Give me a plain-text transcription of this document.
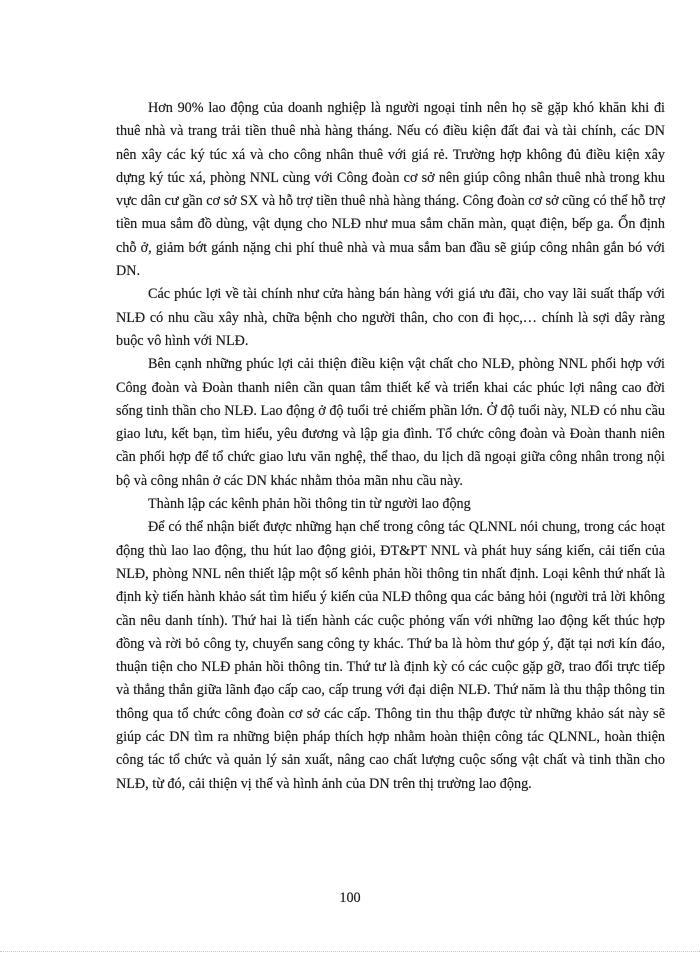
Hơn 90% lao động của doanh nghiệp là người ngoại tỉnh nên họ sẽ gặp khó khăn khi đi thuê nhà và trang trải tiền thuê nhà hàng tháng. Nếu có điều kiện đất đai và tài chính, các DN nên xây các ký túc xá và cho công nhân thuê với giá rẻ. Trường hợp không đủ điều kiện xây dựng ký túc xá, phòng NNL cùng với Công đoàn cơ sở nên giúp công nhân thuê nhà trong khu vực dân cư gần cơ sở SX và hỗ trợ tiền thuê nhà hàng tháng. Công đoàn cơ sở cũng có thể hỗ trợ tiền mua sắm đồ dùng, vật dụng cho NLĐ như mua sắm chăn màn, quạt điện, bếp ga. Ổn định chỗ ở, giảm bớt gánh nặng chi phí thuê nhà và mua sắm ban đầu sẽ giúp công nhân gắn bó với DN.

Các phúc lợi về tài chính như cửa hàng bán hàng với giá ưu đãi, cho vay lãi suất thấp với NLĐ có nhu cầu xây nhà, chữa bệnh cho người thân, cho con đi học,… chính là sợi dây ràng buộc vô hình với NLĐ.

Bên cạnh những phúc lợi cải thiện điều kiện vật chất cho NLĐ, phòng NNL phối hợp với Công đoàn và Đoàn thanh niên cần quan tâm thiết kế và triển khai các phúc lợi nâng cao đời sống tinh thần cho NLĐ. Lao động ở độ tuổi trẻ chiếm phần lớn. Ở độ tuổi này, NLĐ có nhu cầu giao lưu, kết bạn, tìm hiểu, yêu đương và lập gia đình. Tổ chức công đoàn và Đoàn thanh niên cần phối hợp để tổ chức giao lưu văn nghệ, thể thao, du lịch dã ngoại giữa công nhân trong nội bộ và công nhân ở các DN khác nhằm thỏa mãn nhu cầu này.

Thành lập các kênh phản hồi thông tin từ người lao động

Để có thể nhận biết được những hạn chế trong công tác QLNNL nói chung, trong các hoạt động thù lao lao động, thu hút lao động giỏi, ĐT&PT NNL và phát huy sáng kiến, cải tiến của NLĐ, phòng NNL nên thiết lập một số kênh phản hồi thông tin nhất định. Loại kênh thứ nhất là định kỳ tiến hành khảo sát tìm hiểu ý kiến của NLĐ thông qua các bảng hỏi (người trả lời không cần nêu danh tính). Thứ hai là tiến hành các cuộc phỏng vấn với những lao động kết thúc hợp đồng và rời bỏ công ty, chuyển sang công ty khác. Thứ ba là hòm thư góp ý, đặt tại nơi kín đáo, thuận tiện cho NLĐ phản hồi thông tin. Thứ tư là định kỳ có các cuộc gặp gỡ, trao đổi trực tiếp và thẳng thắn giữa lãnh đạo cấp cao, cấp trung với đại diện NLĐ. Thứ năm là thu thập thông tin thông qua tổ chức công đoàn cơ sở các cấp. Thông tin thu thập được từ những khảo sát này sẽ giúp các DN tìm ra những biện pháp thích hợp nhằm hoàn thiện công tác QLNNL, hoàn thiện công tác tổ chức và quản lý sản xuất, nâng cao chất lượng cuộc sống vật chất và tinh thần cho NLĐ, từ đó, cải thiện vị thế và hình ảnh của DN trên thị trường lao động.

100
